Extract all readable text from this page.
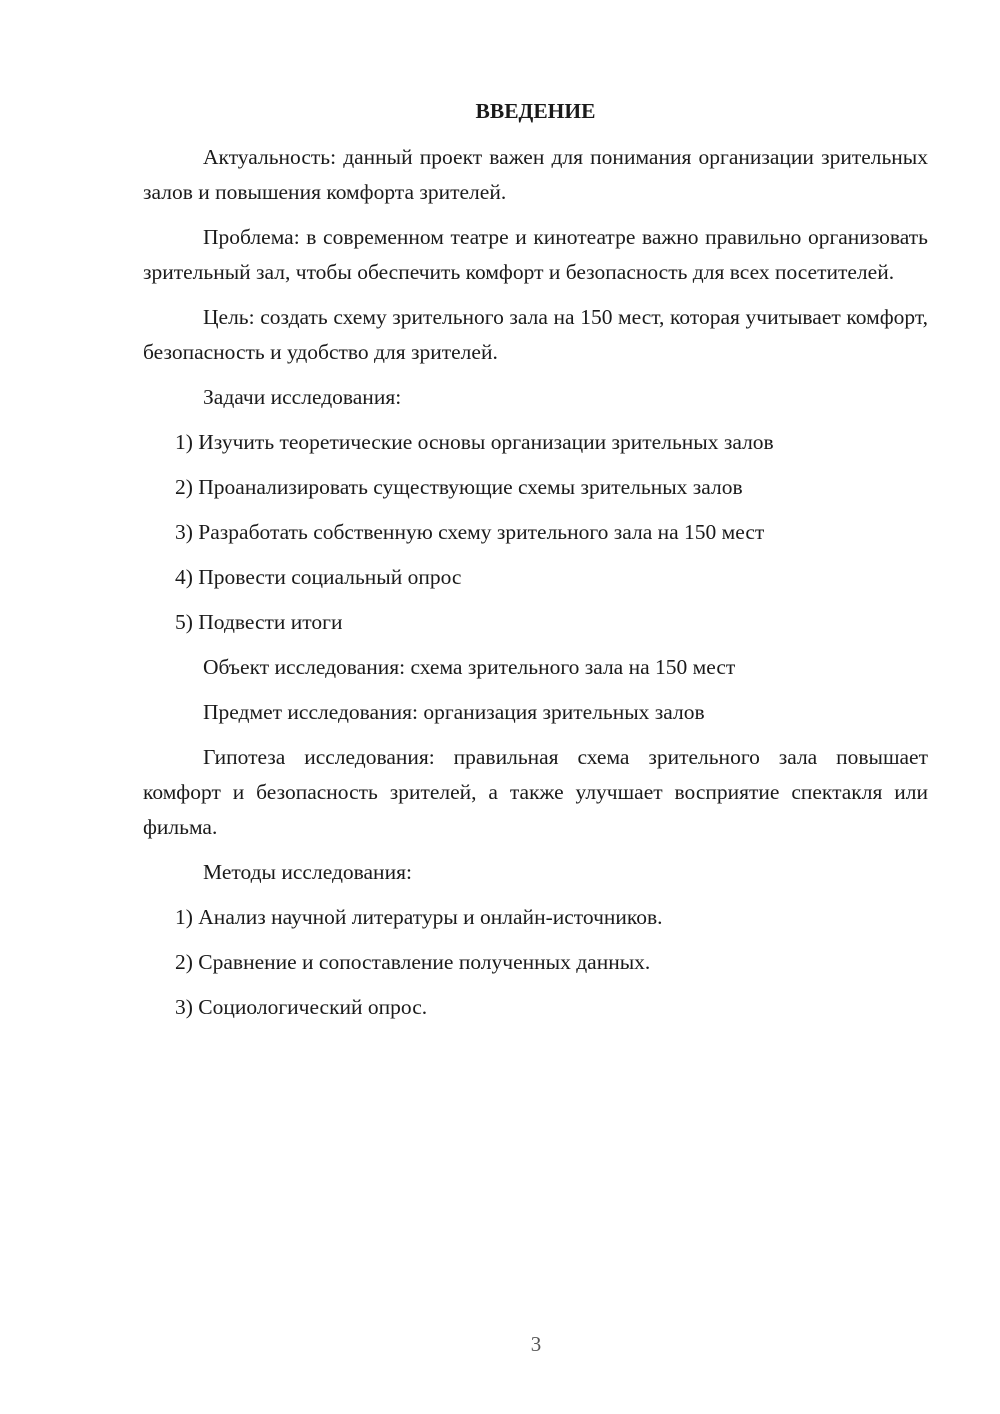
ВВЕДЕНИЕ

Актуальность: данный проект важен для понимания организации зрительных залов и повышения комфорта зрителей.

Проблема: в современном театре и кинотеатре важно правильно организовать зрительный зал, чтобы обеспечить комфорт и безопасность для всех посетителей.

Цель: создать схему зрительного зала на 150 мест, которая учитывает комфорт, безопасность и удобство для зрителей.

Задачи исследования:

1) Изучить теоретические основы организации зрительных залов
2) Проанализировать существующие схемы зрительных залов
3) Разработать собственную схему зрительного зала на 150 мест
4) Провести социальный опрос
5) Подвести итоги

Объект исследования: схема зрительного зала на 150 мест

Предмет исследования: организация зрительных залов

Гипотеза исследования: правильная схема зрительного зала повышает комфорт и безопасность зрителей, а также улучшает восприятие спектакля или фильма.

Методы исследования:

1) Анализ научной литературы и онлайн-источников.
2) Сравнение и сопоставление полученных данных.
3) Социологический опрос.
3
